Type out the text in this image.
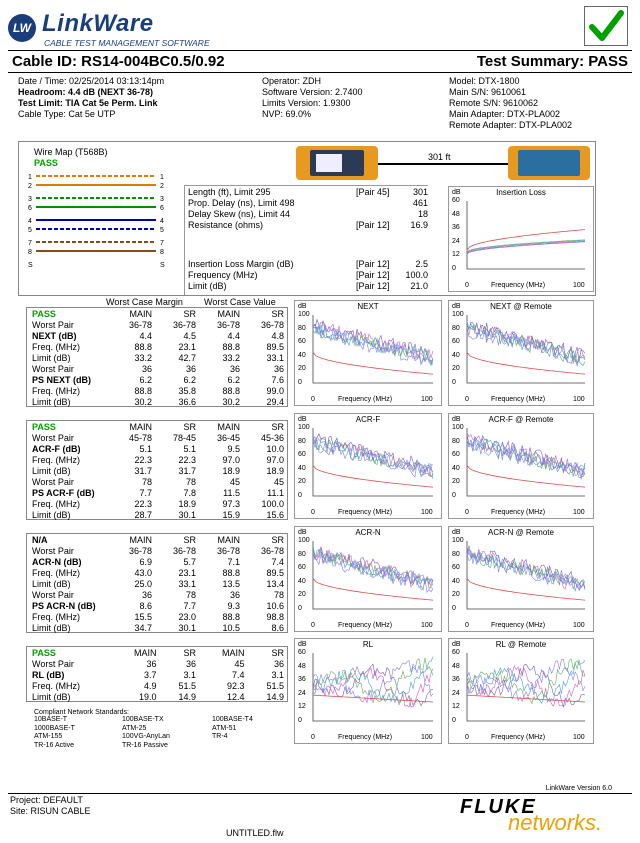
LW LinkWare
CABLE TEST MANAGEMENT SOFTWARE
Cable ID: RS14-004BC0.5/0.92	Test Summary: PASS
Date / Time: 02/25/2014 03:13:14pm
Headroom: 4.4 dB (NEXT 36-78)
Test Limit: TIA Cat 5e Perm. Link
Cable Type: Cat 5e UTP
Operator: ZDH
Software Version: 2.7400
Limits Version: 1.9300
NVP: 69.0%
Model: DTX-1800
Main S/N: 9610061
Remote S/N: 9610062
Main Adapter: DTX-PLA002
Remote Adapter: DTX-PLA002
Wire Map (T568B)
PASS
1
2
3
6
4
5
7
8
S
1
2
3
6
4
5
7
8
S
301 ft
Length (ft), Limit 295	[Pair 45]	301
Prop. Delay (ns), Limit 498	461
Delay Skew (ns), Limit 44	18
Resistance (ohms)	[Pair 12] 16.9
Insertion Loss Margin (dB)	[Pair 12]	2.5
Frequency (MHz)	[Pair 12] 100.0
Limit (dB)	[Pair 12] 21.0
Insertion Loss
dB
60
48
36
24
12
0
0	Frequency (MHz)	100
NEXT
dB
100
80
60
40
20
0
0	Frequency (MHz)	100
NEXT @ Remote
dB
100
80
60
40
20
0
0	Frequency (MHz)	100
ACR-F
dB
100
80
60
40
20
0
0	Frequency (MHz)	100
ACR-F @ Remote
dB
100
80
60
40
20
0
0	Frequency (MHz)	100
ACR-N
dB
100
80
60
40
20
0
0	Frequency (MHz)	100
ACR-N @ Remote
dB
100
80
60
40
20
0
0	Frequency (MHz)	100
RL
dB
60
48
36
24
12
0
0	Frequency (MHz)	100
RL @ Remote
dB
60
48
36
24
12
0
0	Frequency (MHz)	100
Worst Case Margin Worst Case Value
PASS	MAIN	SR	MAIN	SR
Worst Pair	36-78	36-78	36-78	36-78
NEXT (dB)	4.4	4.5	4.4	4.8
Freq. (MHz)	88.8	23.1	88.8	89.5
Limit (dB)	33.2	42.7	33.2	33.1
Worst Pair	36	36	36	36
PS NEXT (dB)	6.2	6.2	6.2	7.6
Freq. (MHz)	88.8	35.8	88.8	99.0
Limit (dB)	30.2	36.6	30.2	29.4
PASS	MAIN	SR	MAIN	SR
Worst Pair	45-78	78-45	36-45	45-36
ACR-F (dB)	5.1	5.1	9.5	10.0
Freq. (MHz)	22.3	22.3	97.0	97.0
Limit (dB)	31.7	31.7	18.9	18.9
Worst Pair	78	78	45	45
PS ACR-F (dB)	7.7	7.8	11.5	11.1
Freq. (MHz)	22.3	18.9	97.3	100.0
Limit (dB)	28.7	30.1	15.9	15.6
N/A	MAIN	SR	MAIN	SR
Worst Pair	36-78	36-78	36-78	36-78
ACR-N (dB)	6.9	5.7	7.1	7.4
Freq. (MHz)	43.0	23.1	88.8	89.5
Limit (dB)	25.0	33.1	13.5	13.4
Worst Pair	36	78	36	78
PS ACR-N (dB)	8.6	7.7	9.3	10.6
Freq. (MHz)	15.5	23.0	88.8	98.8
Limit (dB)	34.7	30.1	10.5	8.6
PASS	MAIN	SR	MAIN	SR
Worst Pair	36	36	45	36
RL (dB)	3.7	3.1	7.4	3.1
Freq. (MHz)	4.9	51.5	92.3	51.5
Limit (dB)	19.0	14.9	12.4	14.9
Compliant Network Standards:
10BASE-T	100BASE-TX	100BASE-T4
1000BASE-T	ATM-25	ATM-51
ATM-155	100VG-AnyLan	TR-4
TR-16 Active	TR-16 Passive
LinkWare Version 6.0
Project: DEFAULT
Site: RISUN CABLE
UNTITLED.flw
FLUKE
networks.
